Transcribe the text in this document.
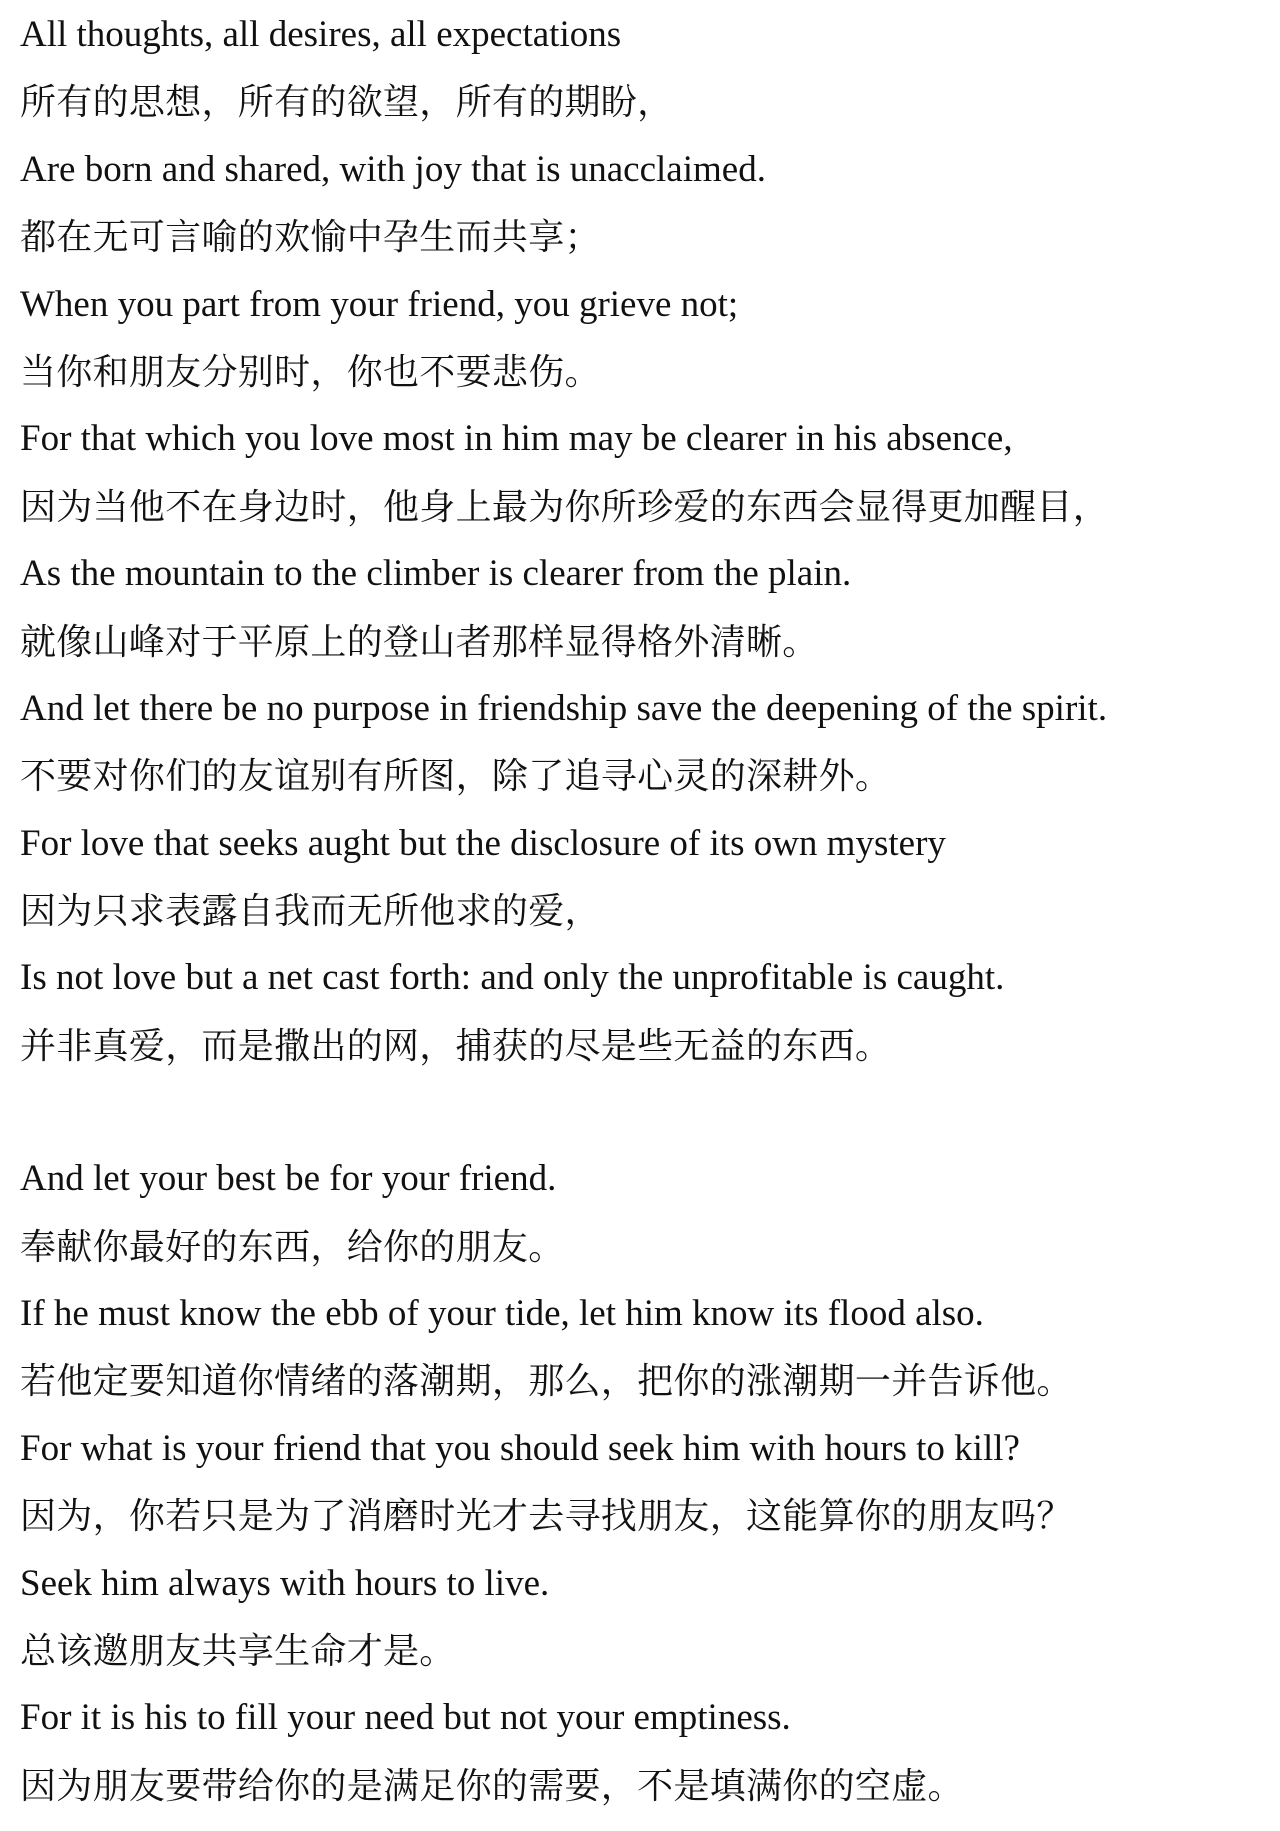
All thoughts, all desires, all expectations
所有的思想，所有的欲望，所有的期盼，
Are born and shared, with joy that is unacclaimed.
都在无可言喻的欢愉中孕生而共享；
When you part from your friend, you grieve not;
当你和朋友分别时，你也不要悲伤。
For that which you love most in him may be clearer in his absence,
因为当他不在身边时，他身上最为你所珍爱的东西会显得更加醒目，
As the mountain to the climber is clearer from the plain.
就像山峰对于平原上的登山者那样显得格外清晰。
And let there be no purpose in friendship save the deepening of the spirit.
不要对你们的友谊别有所图，除了追寻心灵的深耕外。
For love that seeks aught but the disclosure of its own mystery
因为只求表露自我而无所他求的爱，
Is not love but a net cast forth: and only the unprofitable is caught.
并非真爱，而是撒出的网，捕获的尽是些无益的东西。
And let your best be for your friend.
奉献你最好的东西，给你的朋友。
If he must know the ebb of your tide, let him know its flood also.
若他定要知道你情绪的落潮期，那么，把你的涨潮期一并告诉他。
For what is your friend that you should seek him with hours to kill?
因为，你若只是为了消磨时光才去寻找朋友，这能算你的朋友吗？
Seek him always with hours to live.
总该邀朋友共享生命才是。
For it is his to fill your need but not your emptiness.
因为朋友要带给你的是满足你的需要，不是填满你的空虚。
